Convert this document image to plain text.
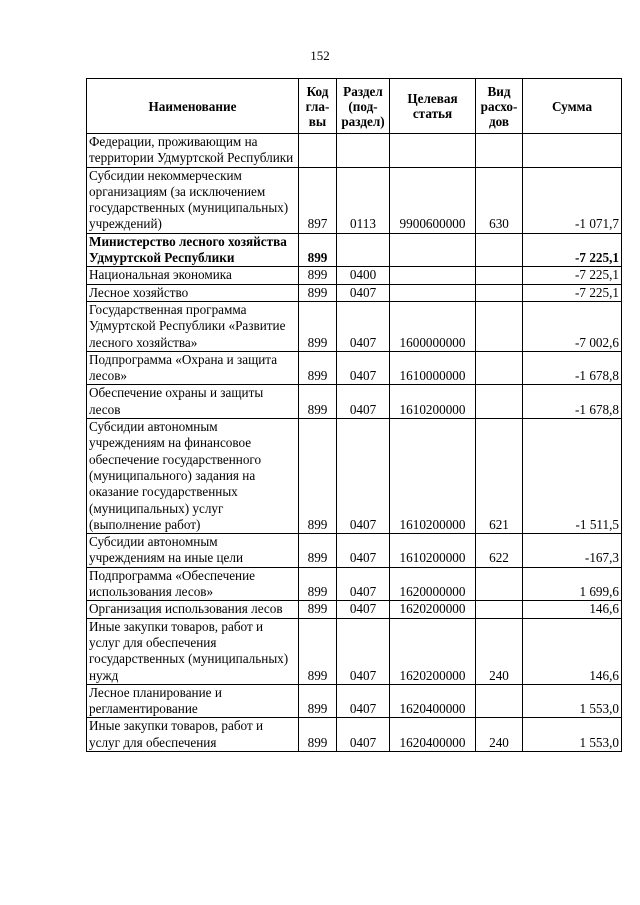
152
Наименование	Код гла- вы	Раздел (под- раздел)	Целевая статья	Вид расхо- дов	Сумма
Федерации, проживающим на территории Удмуртской Республики					
Субсидии некоммерческим организациям (за исключением государственных (муниципальных) учреждений)	897	0113	9900600000	630	-1 071,7
Министерство лесного хозяйства Удмуртской Республики	899				-7 225,1
Национальная экономика	899	0400			-7 225,1
Лесное хозяйство	899	0407			-7 225,1
Государственная программа Удмуртской Республики «Развитие лесного хозяйства»	899	0407	1600000000		-7 002,6
Подпрограмма «Охрана и защита лесов»	899	0407	1610000000		-1 678,8
Обеспечение охраны и защиты лесов	899	0407	1610200000		-1 678,8
Субсидии автономным учреждениям на финансовое обеспечение государственного (муниципального) задания на оказание государственных (муниципальных) услуг (выполнение работ)	899	0407	1610200000	621	-1 511,5
Субсидии автономным учреждениям на иные цели	899	0407	1610200000	622	-167,3
Подпрограмма «Обеспечение использования лесов»	899	0407	1620000000		1 699,6
Организация использования лесов	899	0407	1620200000		146,6
Иные закупки товаров, работ и услуг для обеспечения государственных (муниципальных) нужд	899	0407	1620200000	240	146,6
Лесное планирование и регламентирование	899	0407	1620400000		1 553,0
Иные закупки товаров, работ и услуг для обеспечения	899	0407	1620400000	240	1 553,0
